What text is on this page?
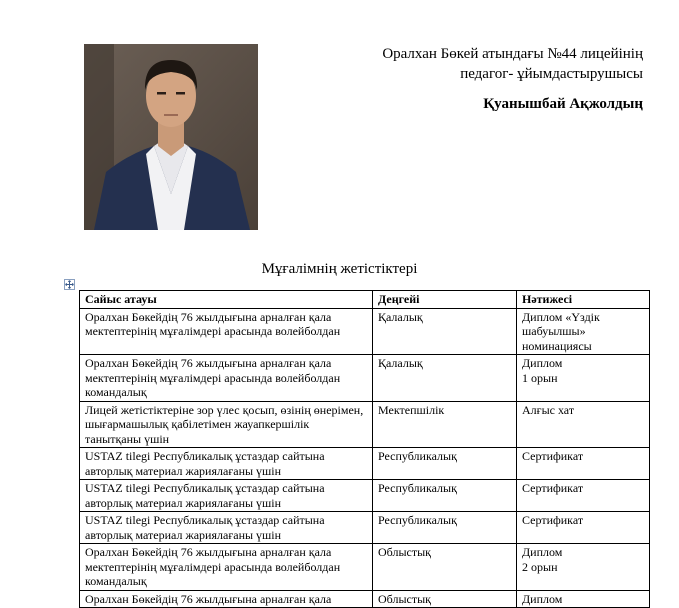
Оралхан Бөкей атындағы №44 лицейінің
педагог- ұйымдастырушысы
Қуанышбай Ақжолдың
Мұғалімнің жетістіктері
Сайыс атауы	Деңгейі	Нәтижесі
Оралхан Бөкейдің 76 жылдығына арналған қала мектептерінің мұғалімдері арасында волейболдан	Қалалық	Диплом «Үздік шабуылшы» номинациясы
Оралхан Бөкейдің 76 жылдығына арналған қала мектептерінің мұғалімдері арасында волейболдан командалық	Қалалық	Диплом
1 орын
Лицей жетістіктеріне зор үлес қосып, өзінің өнерімен, шығармашылық қабілетімен жауапкершілік танытқаны үшін	Мектепшілік	Алғыс хат
USTAZ tilegi Республикалық ұстаздар сайтына авторлық материал жариялағаны үшін	Республикалық	Сертификат
USTAZ tilegi Республикалық ұстаздар сайтына авторлық материал жариялағаны үшін	Республикалық	Сертификат
USTAZ tilegi Республикалық ұстаздар сайтына авторлық материал жариялағаны үшін	Республикалық	Сертификат
Оралхан Бөкейдің 76 жылдығына арналған қала мектептерінің мұғалімдері арасында волейболдан командалық	Облыстық	Диплом
2 орын
Оралхан Бөкейдің 76 жылдығына арналған қала	Облыстық	Диплом
